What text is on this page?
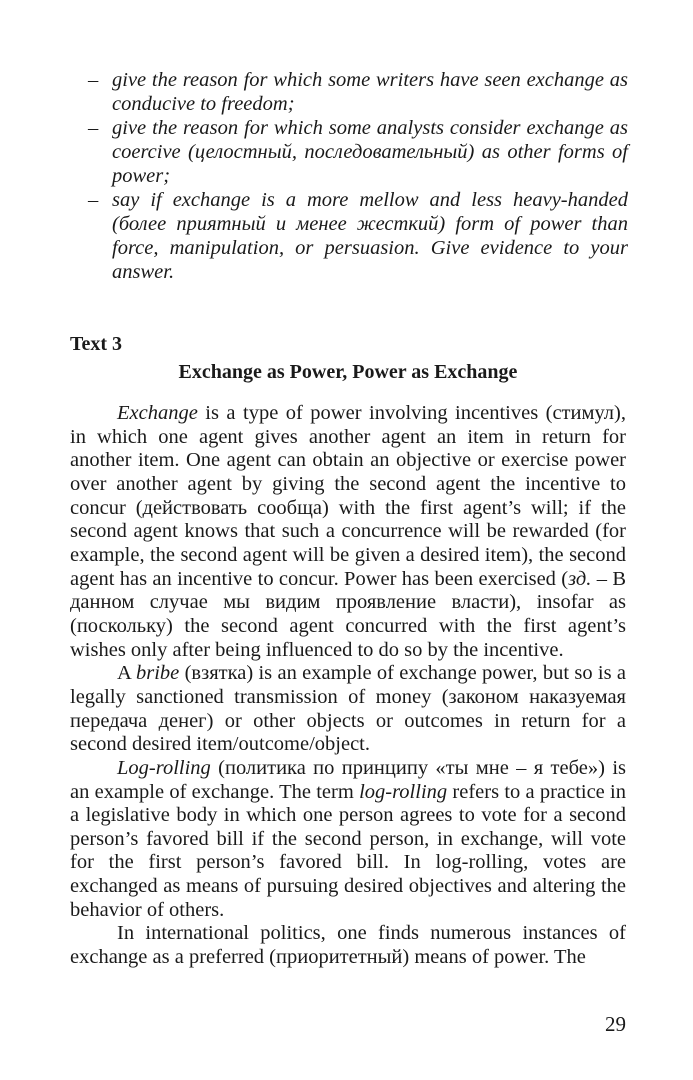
– give the reason for which some writers have seen exchange as conducive to freedom;
– give the reason for which some analysts consider exchange as coercive (целостный, последовательный) as other forms of power;
– say if exchange is a more mellow and less heavy-handed (более приятный и менее жесткий) form of power than force, manipulation, or persuasion. Give evidence to your answer.
Text 3
Exchange as Power, Power as Exchange

Exchange is a type of power involving incentives (стимул), in which one agent gives another agent an item in return for another item. One agent can obtain an objective or exercise power over another agent by giving the second agent the incentive to concur (действовать сообща) with the first agent’s will; if the second agent knows that such a concurrence will be rewarded (for example, the second agent will be given a desired item), the second agent has an incentive to concur. Power has been exercised (зд. – В данном случае мы видим проявление власти), insofar as (поскольку) the second agent concurred with the first agent’s wishes only after being influenced to do so by the incentive.

A bribe (взятка) is an example of exchange power, but so is a legally sanctioned transmission of money (законом наказуемая передача денег) or other objects or outcomes in return for a second desired item/outcome/object.

Log-rolling (политика по принципу «ты мне – я тебе») is an example of exchange. The term log-rolling refers to a practice in a legislative body in which one person agrees to vote for a second person’s favored bill if the second person, in exchange, will vote for the first person’s favored bill. In log-rolling, votes are exchanged as means of pursuing desired objectives and altering the behavior of others.

In international politics, one finds numerous instances of exchange as a preferred (приоритетный) means of power. The

29
